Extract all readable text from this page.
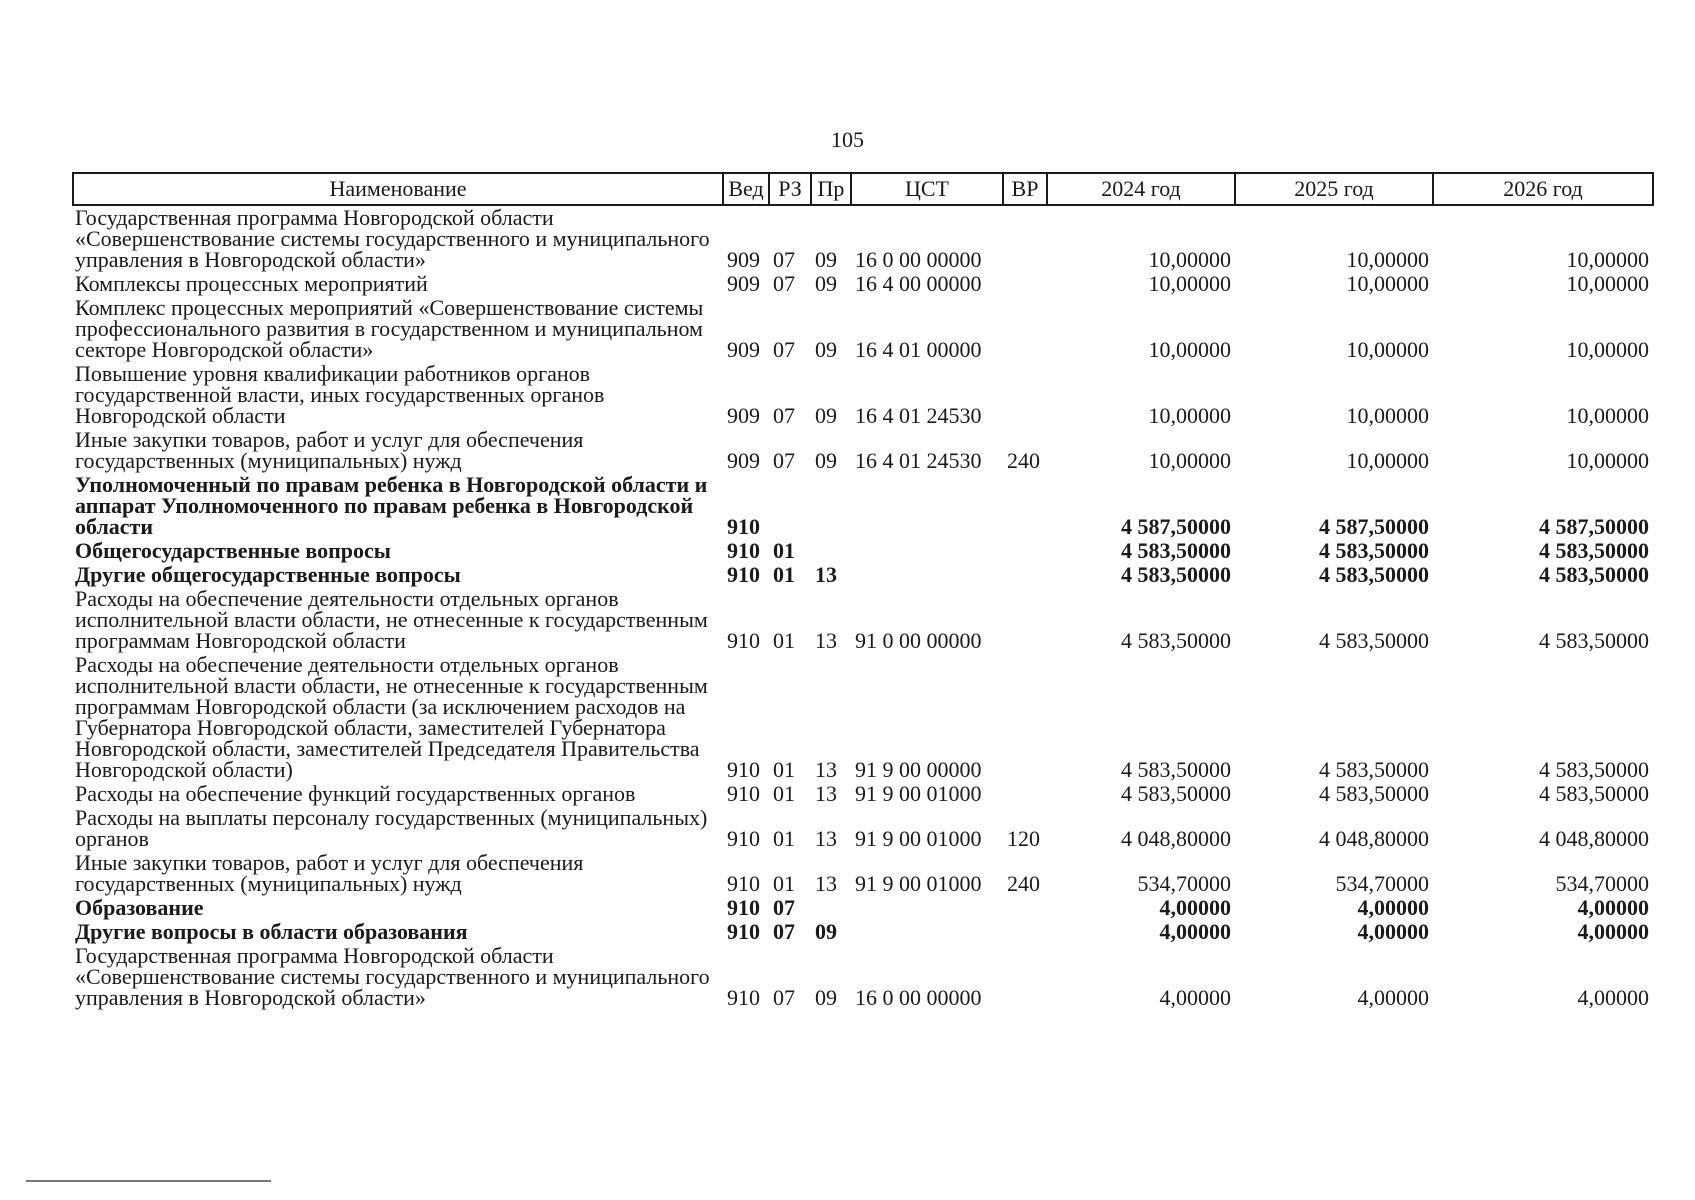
105
Наименование	Вед	РЗ	Пр	ЦСТ	ВР	2024 год	2025 год	2026 год
Государственная программа Новгородской области «Совершенствование системы государственного и муниципального управления в Новгородской области»	909	07	09	16 0 00 00000		10,00000	10,00000	10,00000
Комплексы процессных мероприятий	909	07	09	16 4 00 00000		10,00000	10,00000	10,00000
Комплекс процессных мероприятий «Совершенствование системы профессионального развития в государственном и муниципальном секторе Новгородской области»	909	07	09	16 4 01 00000		10,00000	10,00000	10,00000
Повышение уровня квалификации работников органов государственной власти, иных государственных органов Новгородской области	909	07	09	16 4 01 24530		10,00000	10,00000	10,00000
Иные закупки товаров, работ и услуг для обеспечения государственных (муниципальных) нужд	909	07	09	16 4 01 24530	240	10,00000	10,00000	10,00000
Уполномоченный по правам ребенка в Новгородской области и аппарат Уполномоченного по правам ребенка в Новгородской области	910					4 587,50000	4 587,50000	4 587,50000
Общегосударственные вопросы	910	01				4 583,50000	4 583,50000	4 583,50000
Другие общегосударственные вопросы	910	01	13			4 583,50000	4 583,50000	4 583,50000
Расходы на обеспечение деятельности отдельных органов исполнительной власти области, не отнесенные к государственным программам Новгородской области	910	01	13	91 0 00 00000		4 583,50000	4 583,50000	4 583,50000
Расходы на обеспечение деятельности отдельных органов исполнительной власти области, не отнесенные к государственным программам Новгородской области (за исключением расходов на Губернатора Новгородской области, заместителей Губернатора Новгородской области, заместителей Председателя Правительства Новгородской области)	910	01	13	91 9 00 00000		4 583,50000	4 583,50000	4 583,50000
Расходы на обеспечение функций государственных органов	910	01	13	91 9 00 01000		4 583,50000	4 583,50000	4 583,50000
Расходы на выплаты персоналу государственных (муниципальных) органов	910	01	13	91 9 00 01000	120	4 048,80000	4 048,80000	4 048,80000
Иные закупки товаров, работ и услуг для обеспечения государственных (муниципальных) нужд	910	01	13	91 9 00 01000	240	534,70000	534,70000	534,70000
Образование	910	07				4,00000	4,00000	4,00000
Другие вопросы в области образования	910	07	09			4,00000	4,00000	4,00000
Государственная программа Новгородской области «Совершенствование системы государственного и муниципального управления в Новгородской области»	910	07	09	16 0 00 00000		4,00000	4,00000	4,00000
